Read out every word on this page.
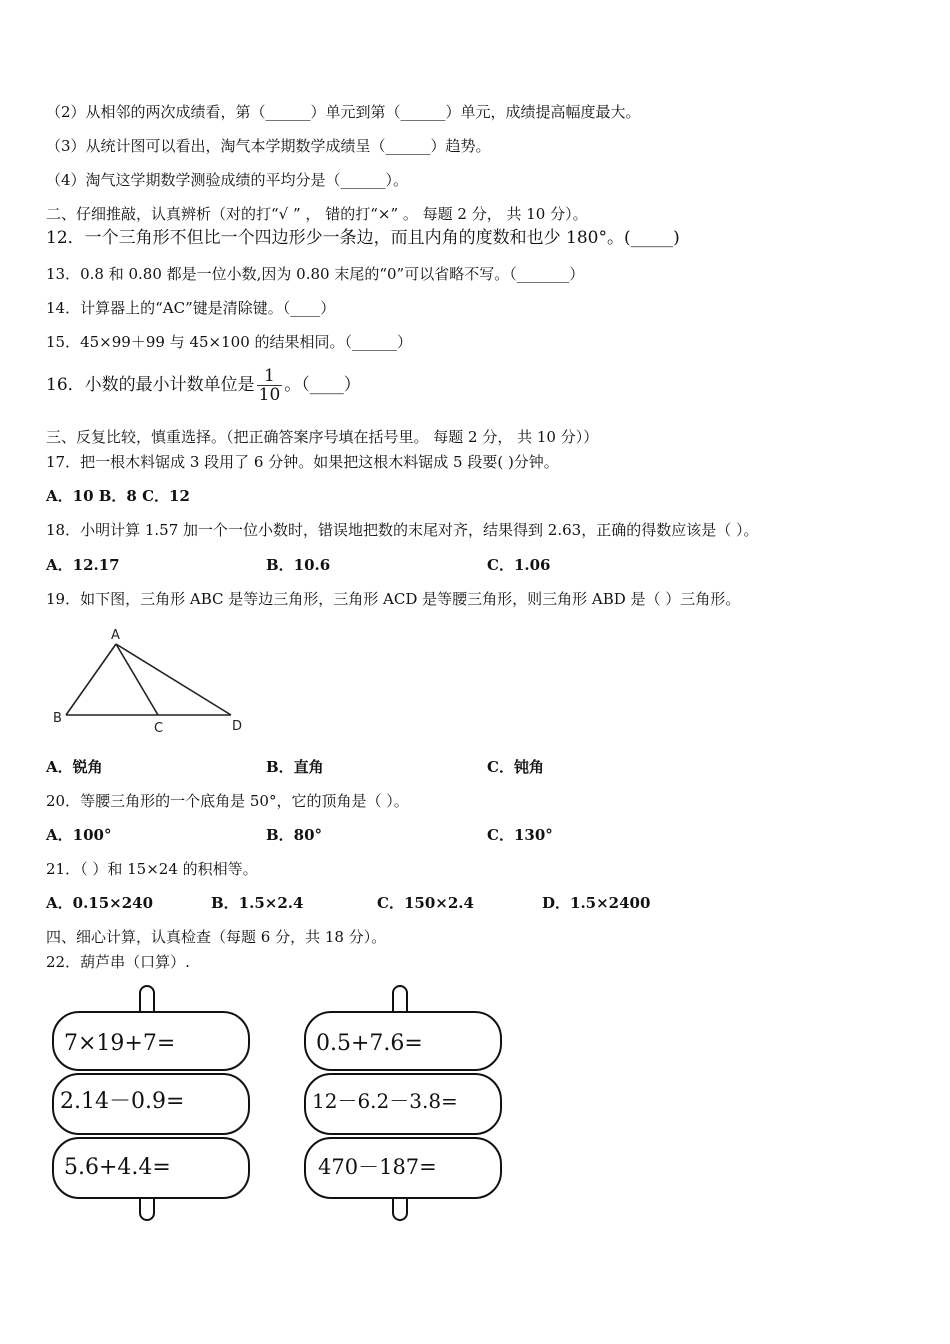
（2）从相邻的两次成绩看，第（______）单元到第（______）单元，成绩提高幅度最大。
（3）从统计图可以看出，淘气本学期数学成绩呈（______）趋势。
（4）淘气这学期数学测验成绩的平均分是（______）。
二、仔细推敲，认真辨析（对的打“√ ” ， 错的打“×” 。 每题 2 分， 共 10 分）。
12．一个三角形不但比一个四边形少一条边，而且内角的度数和也少 180°。(_____)
13．0.8 和 0.80 都是一位小数,因为 0.80 末尾的“0”可以省略不写。（_______）
14．计算器上的“AC”键是清除键。（____）
15．45×99＋99 与 45×100 的结果相同。（______）
16．小数的最小计数单位是 $\frac{1}{10}$ 。（____）
三、反复比较，慎重选择。（把正确答案序号填在括号里。 每题 2 分， 共 10 分））
17．把一根木料锯成 3 段用了 6 分钟。如果把这根木料锯成 5 段要( )分钟。
A．10 B．8 C．12
18．小明计算 1.57 加一个一位小数时，错误地把数的末尾对齐，结果得到 2.63，正确的得数应该是（ ）。
A．12.17	B．10.6	C．1.06
19．如下图，三角形 ABC 是等边三角形，三角形 ACD 是等腰三角形，则三角形 ABD 是（ ）三角形。
A
B
C	D
A．锐角	B．直角	C．钝角
20．等腰三角形的一个底角是 50°，它的顶角是（ ）。
A．100°	B．80°	C．130°
21．（ ）和 15×24 的积相等。
A．0.15×240	B．1.5×2.4	C．150×2.4	D．1.5×2400
四、细心计算，认真检查（每题 6 分，共 18 分）。
22．葫芦串（口算）.
7×19+7=
2.14－0.9=
5.6+4.4=
0.5+7.6=
12－6.2－3.8=
470－187=
